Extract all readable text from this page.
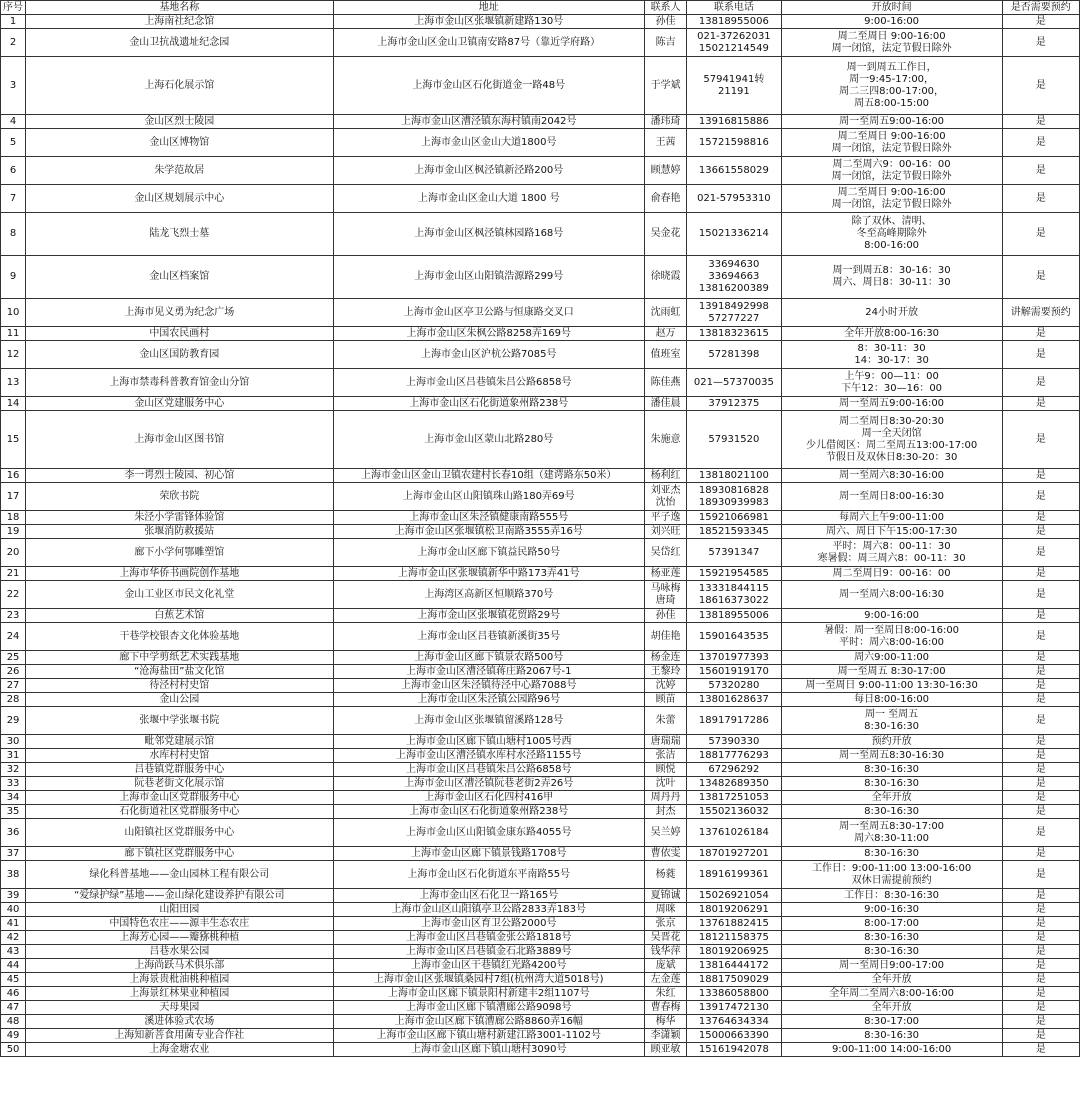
序号	基地名称	地址	联系人	联系电话	开放时间	是否需要预约
1	上海南社纪念馆	上海市金山区张堰镇新建路130号	孙佳	13818955006	9:00-16:00	是
2	金山卫抗战遗址纪念园	上海市金山区金山卫镇南安路87号（靠近学府路）	陈吉	021-37262031
15021214549	周二至周日 9:00-16:00
周一闭馆，法定节假日除外	是
3	上海石化展示馆	上海市金山区石化街道金一路48号	于学斌	57941941转21191	周一到周五工作日，
周一9:45-17:00，
周二三四8:00-17:00，
周五8:00-15:00	是
4	金山区烈士陵园	上海市金山区漕泾镇东海村镇南2042号	潘玮琦	13916815886	周一至周五9:00-16:00	是
5	金山区博物馆	上海市金山区金山大道1800号	王茜	15721598816	周二至周日 9:00-16:00
周一闭馆，法定节假日除外	是
6	朱学范故居	上海市金山区枫泾镇新泾路200号	顾慧婷	13661558029	周二至周六9：00-16：00
周一闭馆，法定节假日除外	是
7	金山区规划展示中心	上海市金山区金山大道 1800 号	俞春艳	021-57953310	周二至周日 9:00-16:00
周一闭馆，法定节假日除外	是
8	陆龙飞烈士墓	上海市金山区枫泾镇林园路168号	吴金花	15021336214	除了双休、清明、
冬至高峰期除外
8:00-16:00	是
9	金山区档案馆	上海市金山区山阳镇浩源路299号	徐晓霞	33694630
33694663
13816200389	周一到周五8：30-16：30
周六、周日8：30-11：30	是
10	上海市见义勇为纪念广场	上海市金山区亭卫公路与恒康路交叉口	沈雨虹	13918492998
57277227	24小时开放	讲解需要预约
11	中国农民画村	上海市金山区朱枫公路8258弄169号	赵万	13818323615	全年开放8:00-16:30	是
12	金山区国防教育园	上海市金山区沪杭公路7085号	值班室	57281398	8：30-11：30
14：30-17：30	是
13	上海市禁毒科普教育馆金山分馆	上海市金山区吕巷镇朱吕公路6858号	陈佳燕	021—57370035	上午9：00—11：00
下午12：30—16：00	是
14	金山区党建服务中心	上海市金山区石化街道象州路238号	潘佳晨	37912375	周一至周五9:00-16:00	是
15	上海市金山区图书馆	上海市金山区蒙山北路280号	朱施意	57931520	周二至周日8:30-20:30
周一全天闭馆
少儿借阅区：周二至周五13:00-17:00
节假日及双休日8:30-20：30	是
16	李一谔烈士陵园、初心馆	上海市金山区金山卫镇农建村长春10组（建谔路东50米）	杨利红	13818021100	周一至周六8:30-16:00	是
17	荣欣书院	上海市金山区山阳镇珠山路180弄69号	刘亚杰
沈怡	18930816828
18930939983	周一至周日8:00-16:30	是
18	朱泾小学雷锋体验馆	上海市金山区朱泾镇健康南路555号	平子逸	15921066981	每周六上午9:00-11:00	是
19	张堰消防救援站	上海市金山区张堰镇松卫南路3555弄16号	刘兴旺	18521593345	周六、周日下午15:00-17:30	是
20	廊下小学何鄂雕塑馆	上海市金山区廊下镇益民路50号	吴岱红	57391347	平时：周六8：00-11：30
寒暑假：周三周六8：00-11：30	是
21	上海市华侨书画院创作基地	上海市金山区张堰镇新华中路173弄41号	杨亚莲	15921954585	周二至周日9：00-16：00	是
22	金山工业区市民文化礼堂	上海湾区高新区恒顺路370号	马咏梅
唐琦	13331844115
18616373022	周一至周六8:00-16:30	是
23	白蕉艺术馆	上海市金山区张堰镇花贸路29号	孙佳	13818955006	9:00-16:00	是
24	干巷学校银杏文化体验基地	上海市金山区吕巷镇新溪街35号	胡佳艳	15901643535	暑假：周一至周日8:00-16:00
平时：周六8:00-16:00	是
25	廊下中学剪纸艺术实践基地	上海市金山区廊下镇景农路500号	杨金连	13701977393	周六9:00-11:00	是
26	“沧海盐田”盐文化馆	上海市金山区漕泾镇蒋庄路2067号-1	王黎玲	15601919170	周一至周五 8:30-17:00	是
27	待泾村村史馆	上海市金山区朱泾镇待泾中心路7088号	沈婷	57320280	周一至周日 9:00-11:00 13:30-16:30	是
28	金山公园	上海市金山区朱泾镇公园路96号	顾苗	13801628637	每日8:00-16:00	是
29	张堰中学张堰书院	上海市金山区张堰镇留溪路128号	朱蕾	18917917286	周一 至周五
8:30-16:30	是
30	毗邻党建展示馆	上海市金山区廊下镇山塘村1005号西	唐瑞瑞	57390330	预约开放	是
31	水库村村史馆	上海市金山区漕泾镇水库村水泾路1155号	张洁	18817776293	周一至周五8:30-16:30	是
32	吕巷镇党群服务中心	上海市金山区吕巷镇朱吕公路6858号	顾悦	67296292	8:30-16:30	是
33	阮巷老街文化展示馆	上海市金山区漕泾镇阮巷老街2弄26号	沈叶	13482689350	8:30-16:30	是
34	上海市金山区党群服务中心	上海市金山区石化四村416甲	周丹丹	13817251053	全年开放	是
35	石化街道社区党群服务中心	上海市金山区石化街道象州路238号	封杰	15502136032	8:30-16:30	是
36	山阳镇社区党群服务中心	上海市金山区山阳镇金康东路4055号	吴兰婷	13761026184	周一至周五8:30-17:00
周六8:30-11:00	是
37	廊下镇社区党群服务中心	上海市金山区廊下镇景钱路1708号	曹依雯	18701927201	8:30-16:30	是
38	绿化科普基地——金山园林工程有限公司	上海市金山区石化街道东平南路55号	杨蕤	18916199361	工作日：9:00-11:00 13:00-16:00
双休日需提前预约	是
39	“爱绿护绿”基地——金山绿化建设养护有限公司	上海市金山区石化卫一路165号	夏锦诚	15026921054	工作日：8:30-16:30	是
40	山阳田园	上海市金山区山阳镇亭卫公路2833弄183号	周咪	18019206291	9:00-16:30	是
41	中国特色农庄——源丰生态农庄	上海市金山区育卫公路2000号	张京	13761882415	8:00-17:00	是
42	上海芳心园——瓣猕桃种植	上海市金山区吕巷镇金张公路1818号	吴晋花	18121158375	8:30-16:30	是
43	吕巷水果公园	上海市金山区吕巷镇金石北路3889号	钱华萍	18019206925	8:30-16:30	是
44	上海尚跃马术俱乐部	上海市金山区干巷镇红光路4200号	庞斌	13816444172	周一至周日9:00-17:00	是
45	上海景贵枇油桃种植园	上海市金山区张堰镇桑园村7组(杭州湾大道5018号)	左金莲	18817509029	全年开放	是
46	上海景红林果业种植园	上海市金山区廊下镇景阳村新建丰2组1107号	朱红	13386058800	全年周二至周六8:00-16:00	是
47	天母果园	上海市金山区廊下镇漕廊公路9098号	曹春梅	13917472130	全年开放	是
48	溪进体验式农场	上海市金山区廊下镇漕廊公路8860弄16幅	梅华	13764634334	8:30-17:00	是
49	上海知新菩食用菌专业合作社	上海市金山区廊下镇山塘村新建江路3001-1102号	李潇颖	15000663390	8:30-16:30	是
50	上海金塘农业	上海市金山区廊下镇山塘村3090号	顾亚敏	15161942078	9:00-11:00 14:00-16:00	是
